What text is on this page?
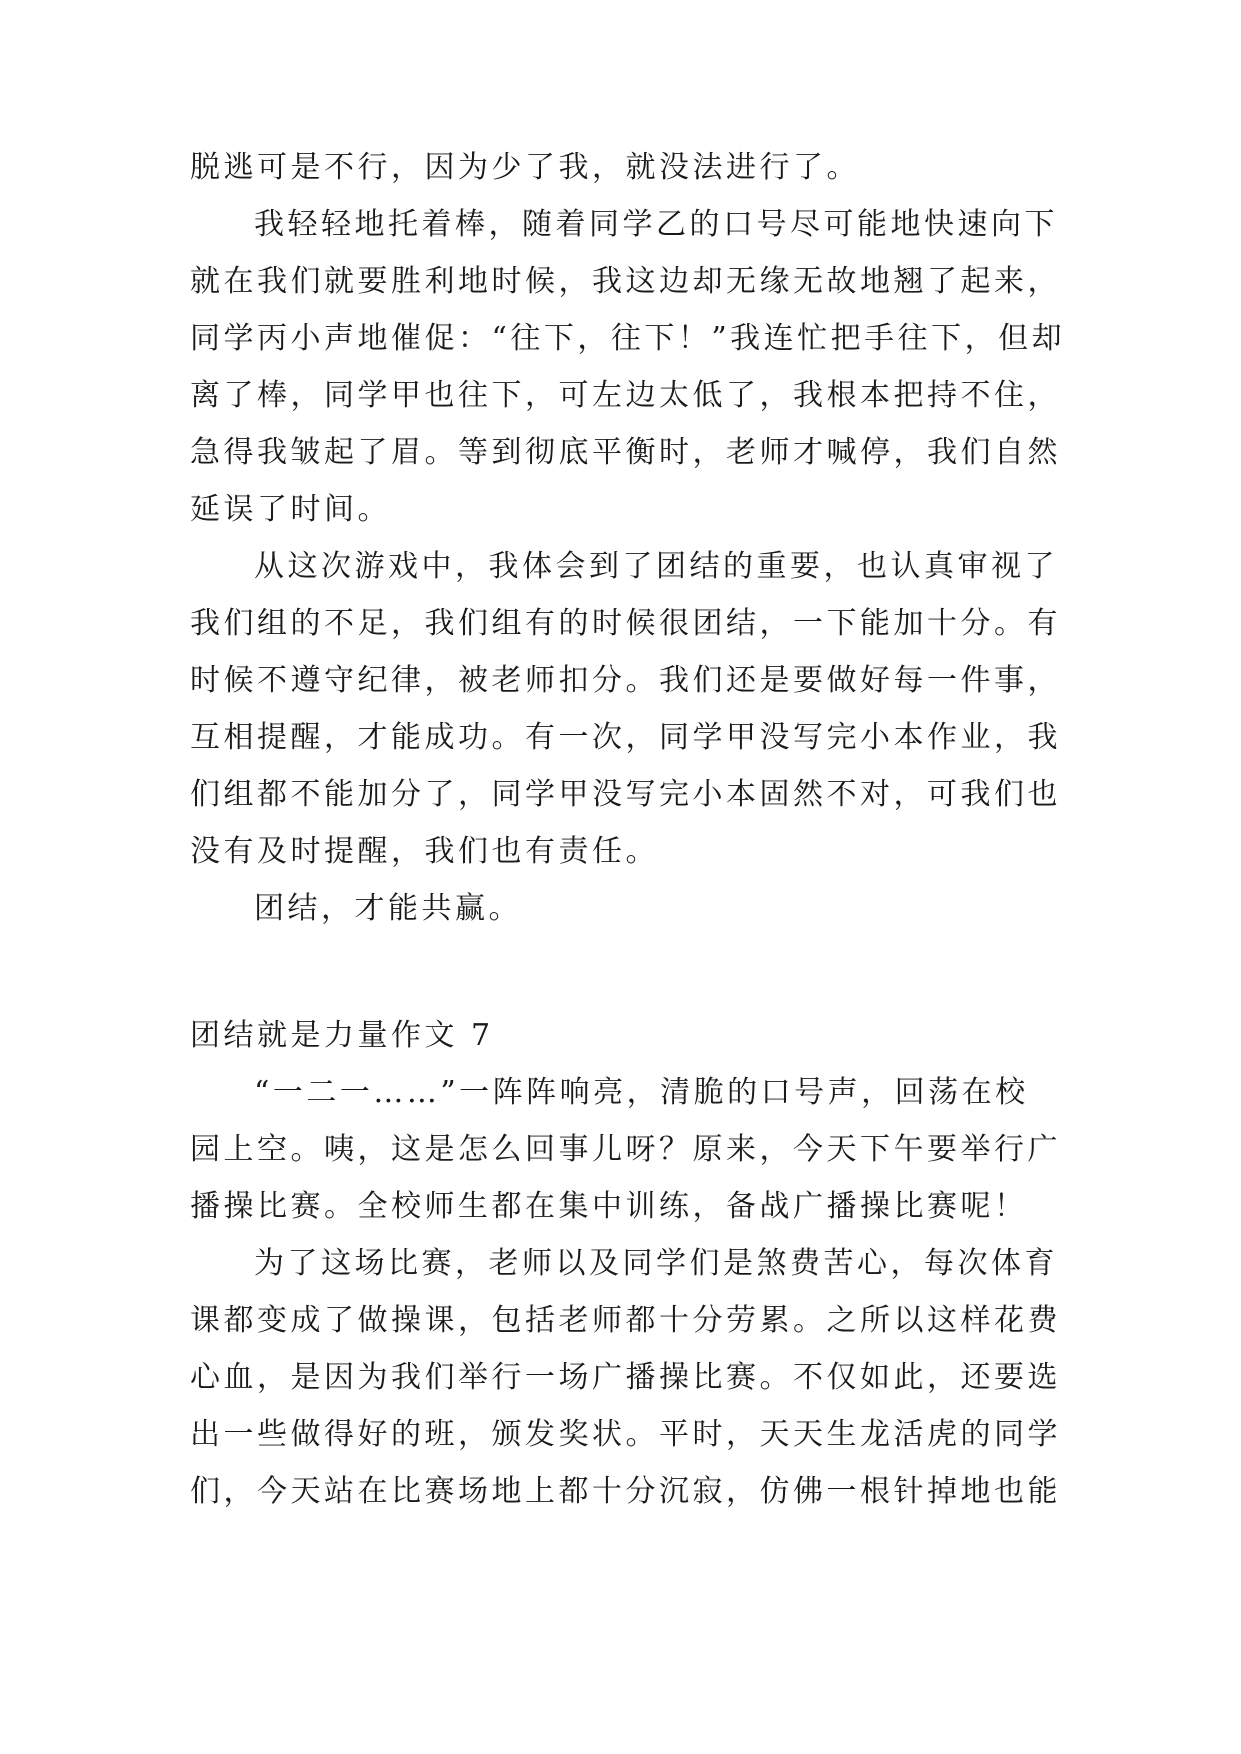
脱逃可是不行，因为少了我，就没法进行了。
我轻轻地托着棒，随着同学乙的口号尽可能地快速向下
就在我们就要胜利地时候，我这边却无缘无故地翘了起来，
同学丙小声地催促：“往下，往下！”我连忙把手往下，但却
离了棒，同学甲也往下，可左边太低了，我根本把持不住，
急得我皱起了眉。等到彻底平衡时，老师才喊停，我们自然
延误了时间。
从这次游戏中，我体会到了团结的重要，也认真审视了
我们组的不足，我们组有的时候很团结，一下能加十分。有
时候不遵守纪律，被老师扣分。我们还是要做好每一件事，
互相提醒，才能成功。有一次，同学甲没写完小本作业，我
们组都不能加分了，同学甲没写完小本固然不对，可我们也
没有及时提醒，我们也有责任。
团结，才能共赢。
团结就是力量作文 7
“一二一……”一阵阵响亮，清脆的口号声，回荡在校
园上空。咦，这是怎么回事儿呀？原来，今天下午要举行广
播操比赛。全校师生都在集中训练，备战广播操比赛呢！
为了这场比赛，老师以及同学们是煞费苦心，每次体育
课都变成了做操课，包括老师都十分劳累。之所以这样花费
心血，是因为我们举行一场广播操比赛。不仅如此，还要选
出一些做得好的班，颁发奖状。平时，天天生龙活虎的同学
们，今天站在比赛场地上都十分沉寂，仿佛一根针掉地也能
